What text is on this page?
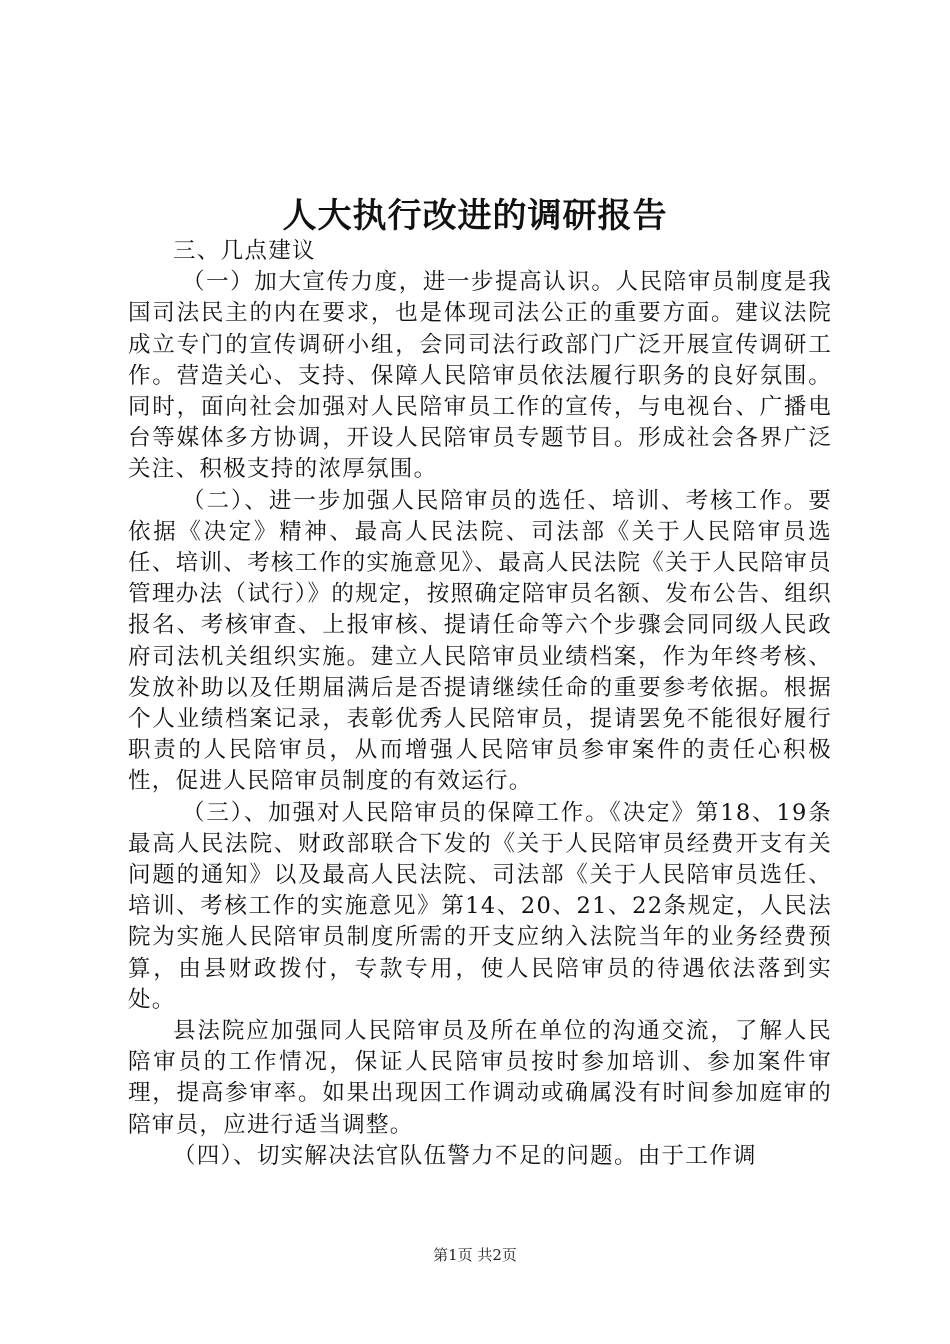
人大执行改进的调研报告

三、几点建议

（一）加大宣传力度，进一步提高认识。人民陪审员制度是我国司法民主的内在要求，也是体现司法公正的重要方面。建议法院成立专门的宣传调研小组，会同司法行政部门广泛开展宣传调研工作。营造关心、支持、保障人民陪审员依法履行职务的良好氛围。同时，面向社会加强对人民陪审员工作的宣传，与电视台、广播电台等媒体多方协调，开设人民陪审员专题节目。形成社会各界广泛关注、积极支持的浓厚氛围。

（二）、进一步加强人民陪审员的选任、培训、考核工作。要依据《决定》精神、最高人民法院、司法部《关于人民陪审员选任、培训、考核工作的实施意见》、最高人民法院《关于人民陪审员管理办法（试行）》的规定，按照确定陪审员名额、发布公告、组织报名、考核审查、上报审核、提请任命等六个步骤会同同级人民政府司法机关组织实施。建立人民陪审员业绩档案，作为年终考核、发放补助以及任期届满后是否提请继续任命的重要参考依据。根据个人业绩档案记录，表彰优秀人民陪审员，提请罢免不能很好履行职责的人民陪审员，从而增强人民陪审员参审案件的责任心积极性，促进人民陪审员制度的有效运行。

（三）、加强对人民陪审员的保障工作。《决定》第18、19条最高人民法院、财政部联合下发的《关于人民陪审员经费开支有关问题的通知》以及最高人民法院、司法部《关于人民陪审员选任、培训、考核工作的实施意见》第14、20、21、22条规定，人民法院为实施人民陪审员制度所需的开支应纳入法院当年的业务经费预算，由县财政拨付，专款专用，使人民陪审员的待遇依法落到实处。

县法院应加强同人民陪审员及所在单位的沟通交流，了解人民陪审员的工作情况，保证人民陪审员按时参加培训、参加案件审理，提高参审率。如果出现因工作调动或确属没有时间参加庭审的陪审员，应进行适当调整。

（四）、切实解决法官队伍警力不足的问题。由于工作调

第1页 共2页
